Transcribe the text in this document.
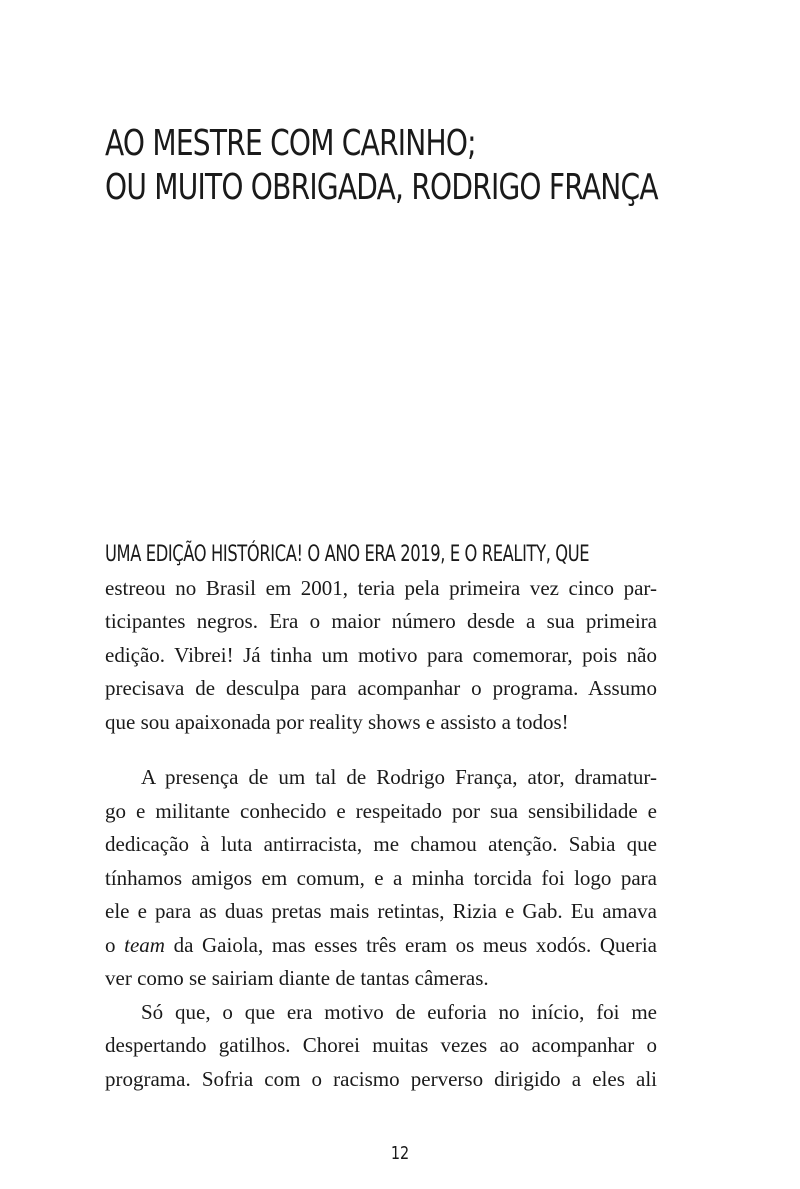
AO MESTRE COM CARINHO;
OU MUITO OBRIGADA, RODRIGO FRANÇA
UMA EDIÇÃO HISTÓRICA! O ANO ERA 2019, E O REALITY, QUE
estreou no Brasil em 2001, teria pela primeira vez cinco par-
ticipantes negros. Era o maior número desde a sua primeira
edição. Vibrei! Já tinha um motivo para comemorar, pois não
precisava de desculpa para acompanhar o programa. Assumo
que sou apaixonada por reality shows e assisto a todos!
A presença de um tal de Rodrigo França, ator, dramatur-
go e militante conhecido e respeitado por sua sensibilidade e
dedicação à luta antirracista, me chamou atenção. Sabia que
tínhamos amigos em comum, e a minha torcida foi logo para
ele e para as duas pretas mais retintas, Rizia e Gab. Eu amava
o team da Gaiola, mas esses três eram os meus xodós. Queria
ver como se sairiam diante de tantas câmeras.
Só que, o que era motivo de euforia no início, foi me
despertando gatilhos. Chorei muitas vezes ao acompanhar o
programa. Sofria com o racismo perverso dirigido a eles ali
12
